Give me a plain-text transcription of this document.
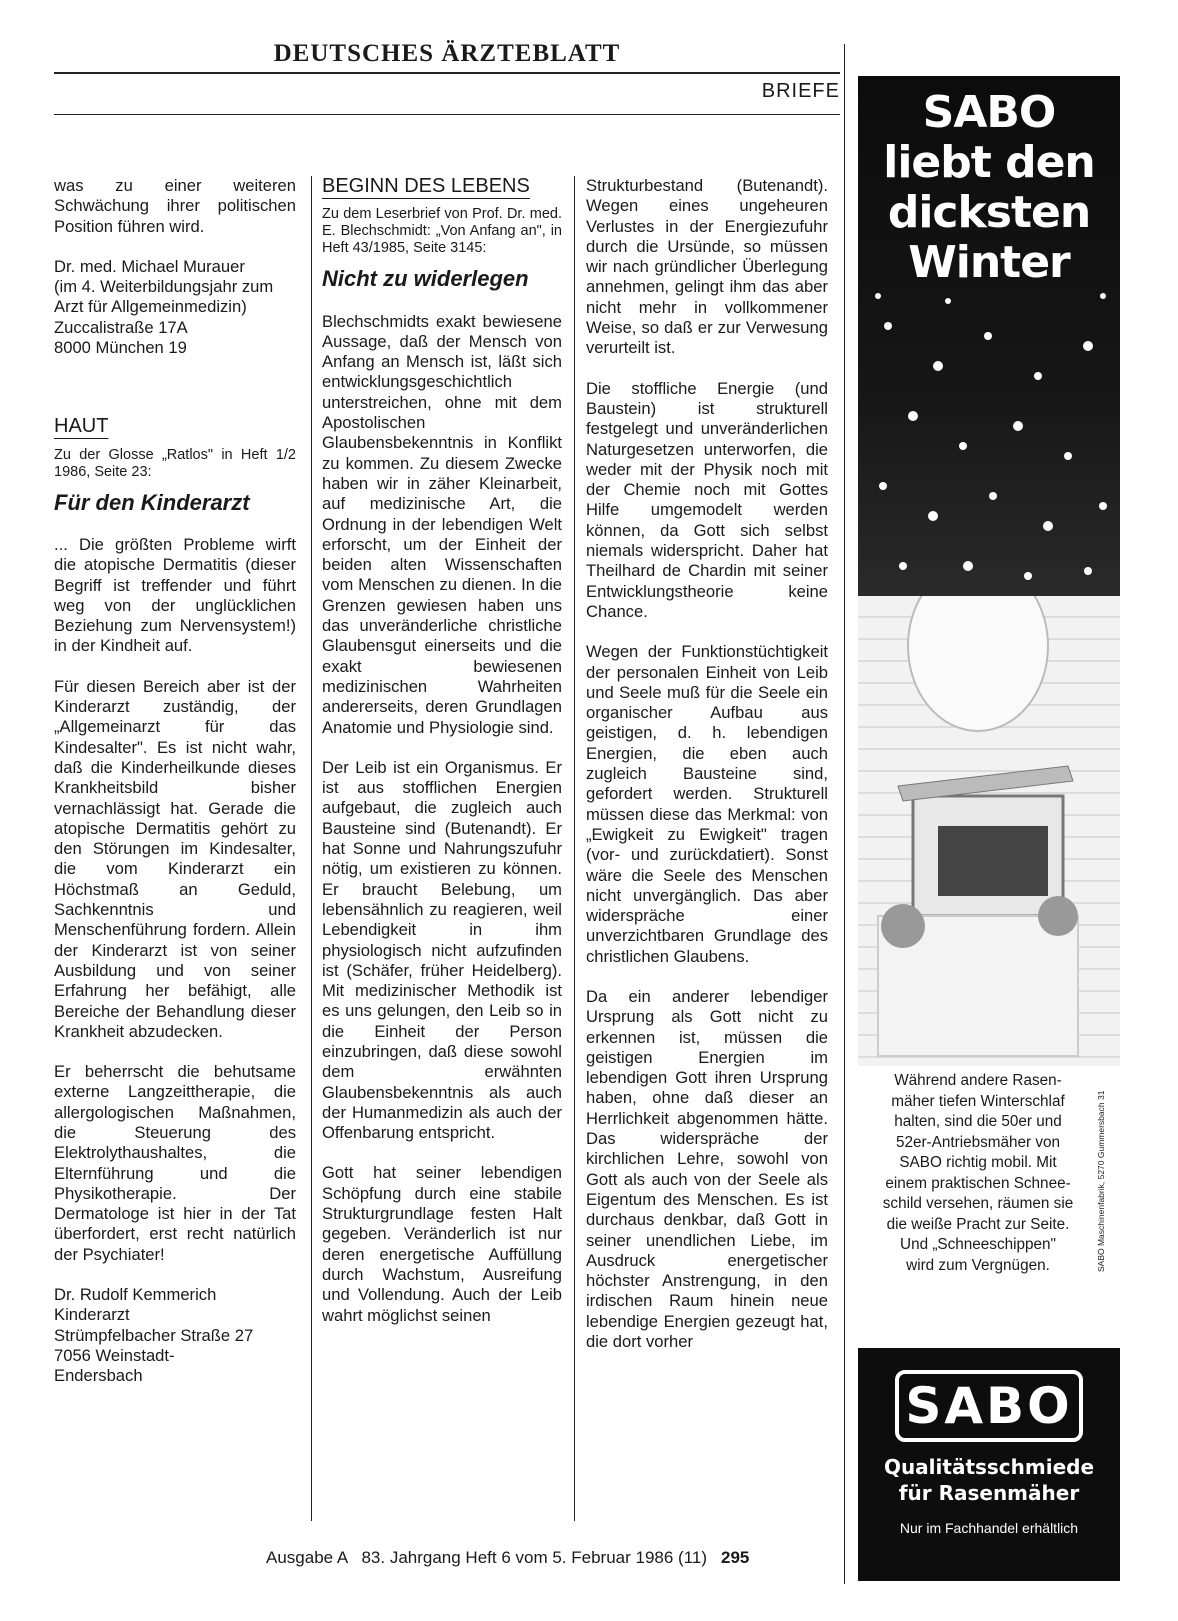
DEUTSCHES ÄRZTEBLATT
BRIEFE

was zu einer weiteren Schwächung ihrer politischen Position führen wird.

Dr. med. Michael Murauer
(im 4. Weiterbildungsjahr zum
Arzt für Allgemeinmedizin)
Zuccalistraße 17A
8000 München 19
HAUT

Zu der Glosse „Ratlos" in Heft 1/2 1986, Seite 23:

Für den Kinderarzt

... Die größten Probleme wirft die atopische Dermatitis (dieser Begriff ist treffender und führt weg von der unglücklichen Beziehung zum Nervensystem!) in der Kindheit auf.

Für diesen Bereich aber ist der Kinderarzt zuständig, der „Allgemeinarzt für das Kindesalter". Es ist nicht wahr, daß die Kinderheilkunde dieses Krankheitsbild bisher vernachlässigt hat. Gerade die atopische Dermatitis gehört zu den Störungen im Kindesalter, die vom Kinderarzt ein Höchstmaß an Geduld, Sachkenntnis und Menschenführung fordern. Allein der Kinderarzt ist von seiner Ausbildung und von seiner Erfahrung her befähigt, alle Bereiche der Behandlung dieser Krankheit abzudecken.

Er beherrscht die behutsame externe Langzeittherapie, die allergologischen Maßnahmen, die Steuerung des Elektrolythaushaltes, die Elternführung und die Physikotherapie. Der Dermatologe ist hier in der Tat überfordert, erst recht natürlich der Psychiater!

Dr. Rudolf Kemmerich
Kinderarzt
Strümpfelbacher Straße 27
7056 Weinstadt-
Endersbach
BEGINN DES LEBENS

Zu dem Leserbrief von Prof. Dr. med. E. Blechschmidt: „Von Anfang an", in Heft 43/1985, Seite 3145:

Nicht zu widerlegen

Blechschmidts exakt bewiesene Aussage, daß der Mensch von Anfang an Mensch ist, läßt sich entwicklungsgeschichtlich unterstreichen, ohne mit dem Apostolischen Glaubensbekenntnis in Konflikt zu kommen. Zu diesem Zwecke haben wir in zäher Kleinarbeit, auf medizinische Art, die Ordnung in der lebendigen Welt erforscht, um der Einheit der beiden alten Wissenschaften vom Menschen zu dienen. In die Grenzen gewiesen haben uns das unveränderliche christliche Glaubensgut einerseits und die exakt bewiesenen medizinischen Wahrheiten andererseits, deren Grundlagen Anatomie und Physiologie sind.

Der Leib ist ein Organismus. Er ist aus stofflichen Energien aufgebaut, die zugleich auch Bausteine sind (Butenandt). Er hat Sonne und Nahrungszufuhr nötig, um existieren zu können. Er braucht Belebung, um lebensähnlich zu reagieren, weil Lebendigkeit in ihm physiologisch nicht aufzufinden ist (Schäfer, früher Heidelberg). Mit medizinischer Methodik ist es uns gelungen, den Leib so in die Einheit der Person einzubringen, daß diese sowohl dem erwähnten Glaubensbekenntnis als auch der Humanmedizin als auch der Offenbarung entspricht.

Gott hat seiner lebendigen Schöpfung durch eine stabile Strukturgrundlage festen Halt gegeben. Veränderlich ist nur deren energetische Auffüllung durch Wachstum, Ausreifung und Vollendung. Auch der Leib wahrt möglichst seinen

Strukturbestand (Butenandt). Wegen eines ungeheuren Verlustes in der Energiezufuhr durch die Ursünde, so müssen wir nach gründlicher Überlegung annehmen, gelingt ihm das aber nicht mehr in vollkommener Weise, so daß er zur Verwesung verurteilt ist.

Die stoffliche Energie (und Baustein) ist strukturell festgelegt und unveränderlichen Naturgesetzen unterworfen, die weder mit der Physik noch mit der Chemie noch mit Gottes Hilfe umgemodelt werden können, da Gott sich selbst niemals widerspricht. Daher hat Theilhard de Chardin mit seiner Entwicklungstheorie keine Chance.

Wegen der Funktionstüchtigkeit der personalen Einheit von Leib und Seele muß für die Seele ein organischer Aufbau aus geistigen, d. h. lebendigen Energien, die eben auch zugleich Bausteine sind, gefordert werden. Strukturell müssen diese das Merkmal: von „Ewigkeit zu Ewigkeit" tragen (vor- und zurückdatiert). Sonst wäre die Seele des Menschen nicht unvergänglich. Das aber widerspräche einer unverzichtbaren Grundlage des christlichen Glaubens.

Da ein anderer lebendiger Ursprung als Gott nicht zu erkennen ist, müssen die geistigen Energien im lebendigen Gott ihren Ursprung haben, ohne daß dieser an Herrlichkeit abgenommen hätte. Das widerspräche der kirchlichen Lehre, sowohl von Gott als auch von der Seele als Eigentum des Menschen. Es ist durchaus denkbar, daß Gott in seiner unendlichen Liebe, im Ausdruck energetischer höchster Anstrengung, in den irdischen Raum hinein neue lebendige Energien gezeugt hat, die dort vorher

SABO
liebt den
dicksten
Winter
Während andere Rasen-
mäher tiefen Winterschlaf
halten, sind die 50er und
52er-Antriebsmäher von
SABO richtig mobil. Mit
einem praktischen Schnee-
schild versehen, räumen sie
die weiße Pracht zur Seite.
Und „Schneeschippen"
wird zum Vergnügen.	SABO Maschinenfabrik, 5270 Gummersbach 31
SABO
Qualitätsschmiede
für Rasenmäher
Nur im Fachhandel erhältlich
Ausgabe A   83. Jahrgang Heft 6 vom 5. Februar 1986 (11) 295
